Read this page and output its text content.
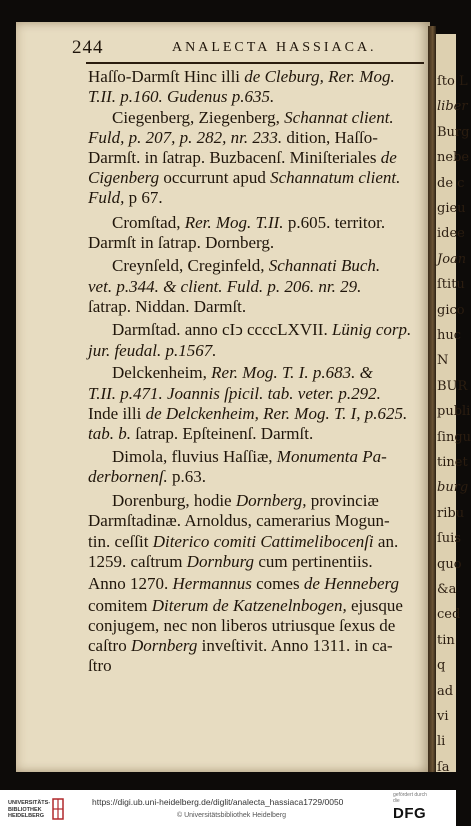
ſto L
liber
Burg
nebe
de c
gieu
idee
Joan
ſtitu
gico
huc
N
BUR
publi
ſingu
tinet
burg
ribu
ſuis
quo
&a
ced
tin
q
ad
vi
li
ſa
244	ANALECTA HASSIACA.
Haſſo-Darmſt Hinc illi de Cleburg, Rer. Mog.
T.II. p.160. Gudenus p.635.
Ciegenberg, Ziegenberg, Schannat client.
Fuld, p. 207, p. 282, nr. 233. dition, Haſſo-
Darmſt. in ſatrap. Buzbacenſ. Miniſteriales de
Cigenberg occurrunt apud Schannatum client.
Fuld, p 67.
Cromſtad, Rer. Mog. T.II. p.605. territor.
Darmſt in ſatrap. Dornberg.
Creynſeld, Creginfeld, Schannati Buch.
vet. p.344. & client. Fuld. p. 206. nr. 29.
ſatrap. Niddan. Darmſt.
Darmſtad. anno cIↄ ccccLXVII. Lünig corp.
jur. feudal. p.1567.
Delckenheim, Rer. Mog. T. I. p.683. &
T.II. p.471. Joannis ſpicil. tab. veter. p.292.
Inde illi de Delckenheim, Rer. Mog. T. I, p.625.
tab. b. ſatrap. Epſteinenſ. Darmſt.
Dimola, fluvius Haſſiæ, Monumenta Pa-
derbornenſ. p.63.
Dorenburg, hodie Dornberg, provinciæ
Darmſtadinæ. Arnoldus, camerarius Mogun-
tin. ceſſit Diterico comiti Cattimelibocenſi an.
1259. caſtrum Dornburg cum pertinentiis.
Anno 1270. Hermannus comes de Henneberg
comitem Diterum de Katzenelnbogen, ejusque
conjugem, nec non liberos utriusque ſexus de
caſtro Dornberg inveſtivit. Anno 1311. in ca-
ſtro
UNIVERSITÄTS-
BIBLIOTHEK
HEIDELBERG
https://digi.ub.uni-heidelberg.de/diglit/analecta_hassiaca1729/0050
© Universitätsbibliothek Heidelberg
gefördert durch
die
DFG
